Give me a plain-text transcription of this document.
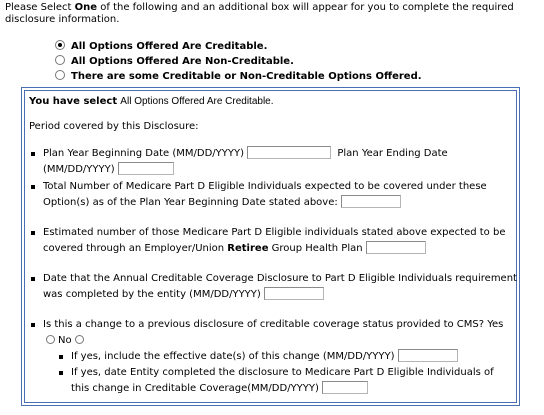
Please Select One of the following and an additional box will appear for you to complete the required disclosure information.
All Options Offered Are Creditable.
All Options Offered Are Non-Creditable.
There are some Creditable or Non-Creditable Options Offered.
You have select All Options Offered Are Creditable.
Period covered by this Disclosure:
Plan Year Beginning Date (MM/DD/YYYY)	Plan Year Ending Date
(MM/DD/YYYY)
Total Number of Medicare Part D Eligible Individuals expected to be covered under these Option(s) as of the Plan Year Beginning Date stated above:
Estimated number of those Medicare Part D Eligible individuals stated above expected to be covered through an Employer/Union Retiree Group Health Plan
Date that the Annual Creditable Coverage Disclosure to Part D Eligible Individuals requirement was completed by the entity (MM/DD/YYYY)
Is this a change to a previous disclosure of creditable coverage status provided to CMS? Yes
No
If yes, include the effective date(s) of this change (MM/DD/YYYY)
If yes, date Entity completed the disclosure to Medicare Part D Eligible Individuals of this change in Creditable Coverage(MM/DD/YYYY)
